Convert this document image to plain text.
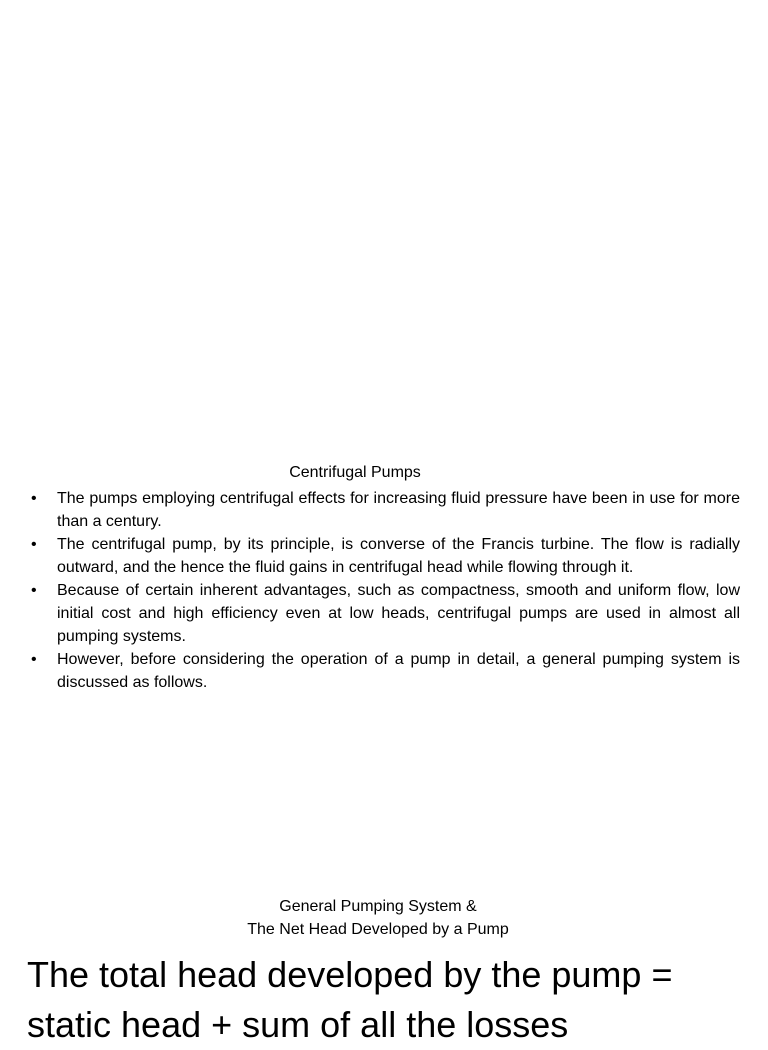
Centrifugal Pumps
• The pumps employing centrifugal effects for increasing fluid pressure have been in use for more than a century.
• The centrifugal pump, by its principle, is converse of the Francis turbine. The flow is radially outward, and the hence the fluid gains in centrifugal head while flowing through it.
• Because of certain inherent advantages, such as compactness, smooth and uniform flow, low initial cost and high efficiency even at low heads, centrifugal pumps are used in almost all pumping systems.
• However, before considering the operation of a pump in detail, a general pumping system is discussed as follows.
General Pumping System &
The Net Head Developed by a Pump
The total head developed by the pump =
static head + sum of all the losses
